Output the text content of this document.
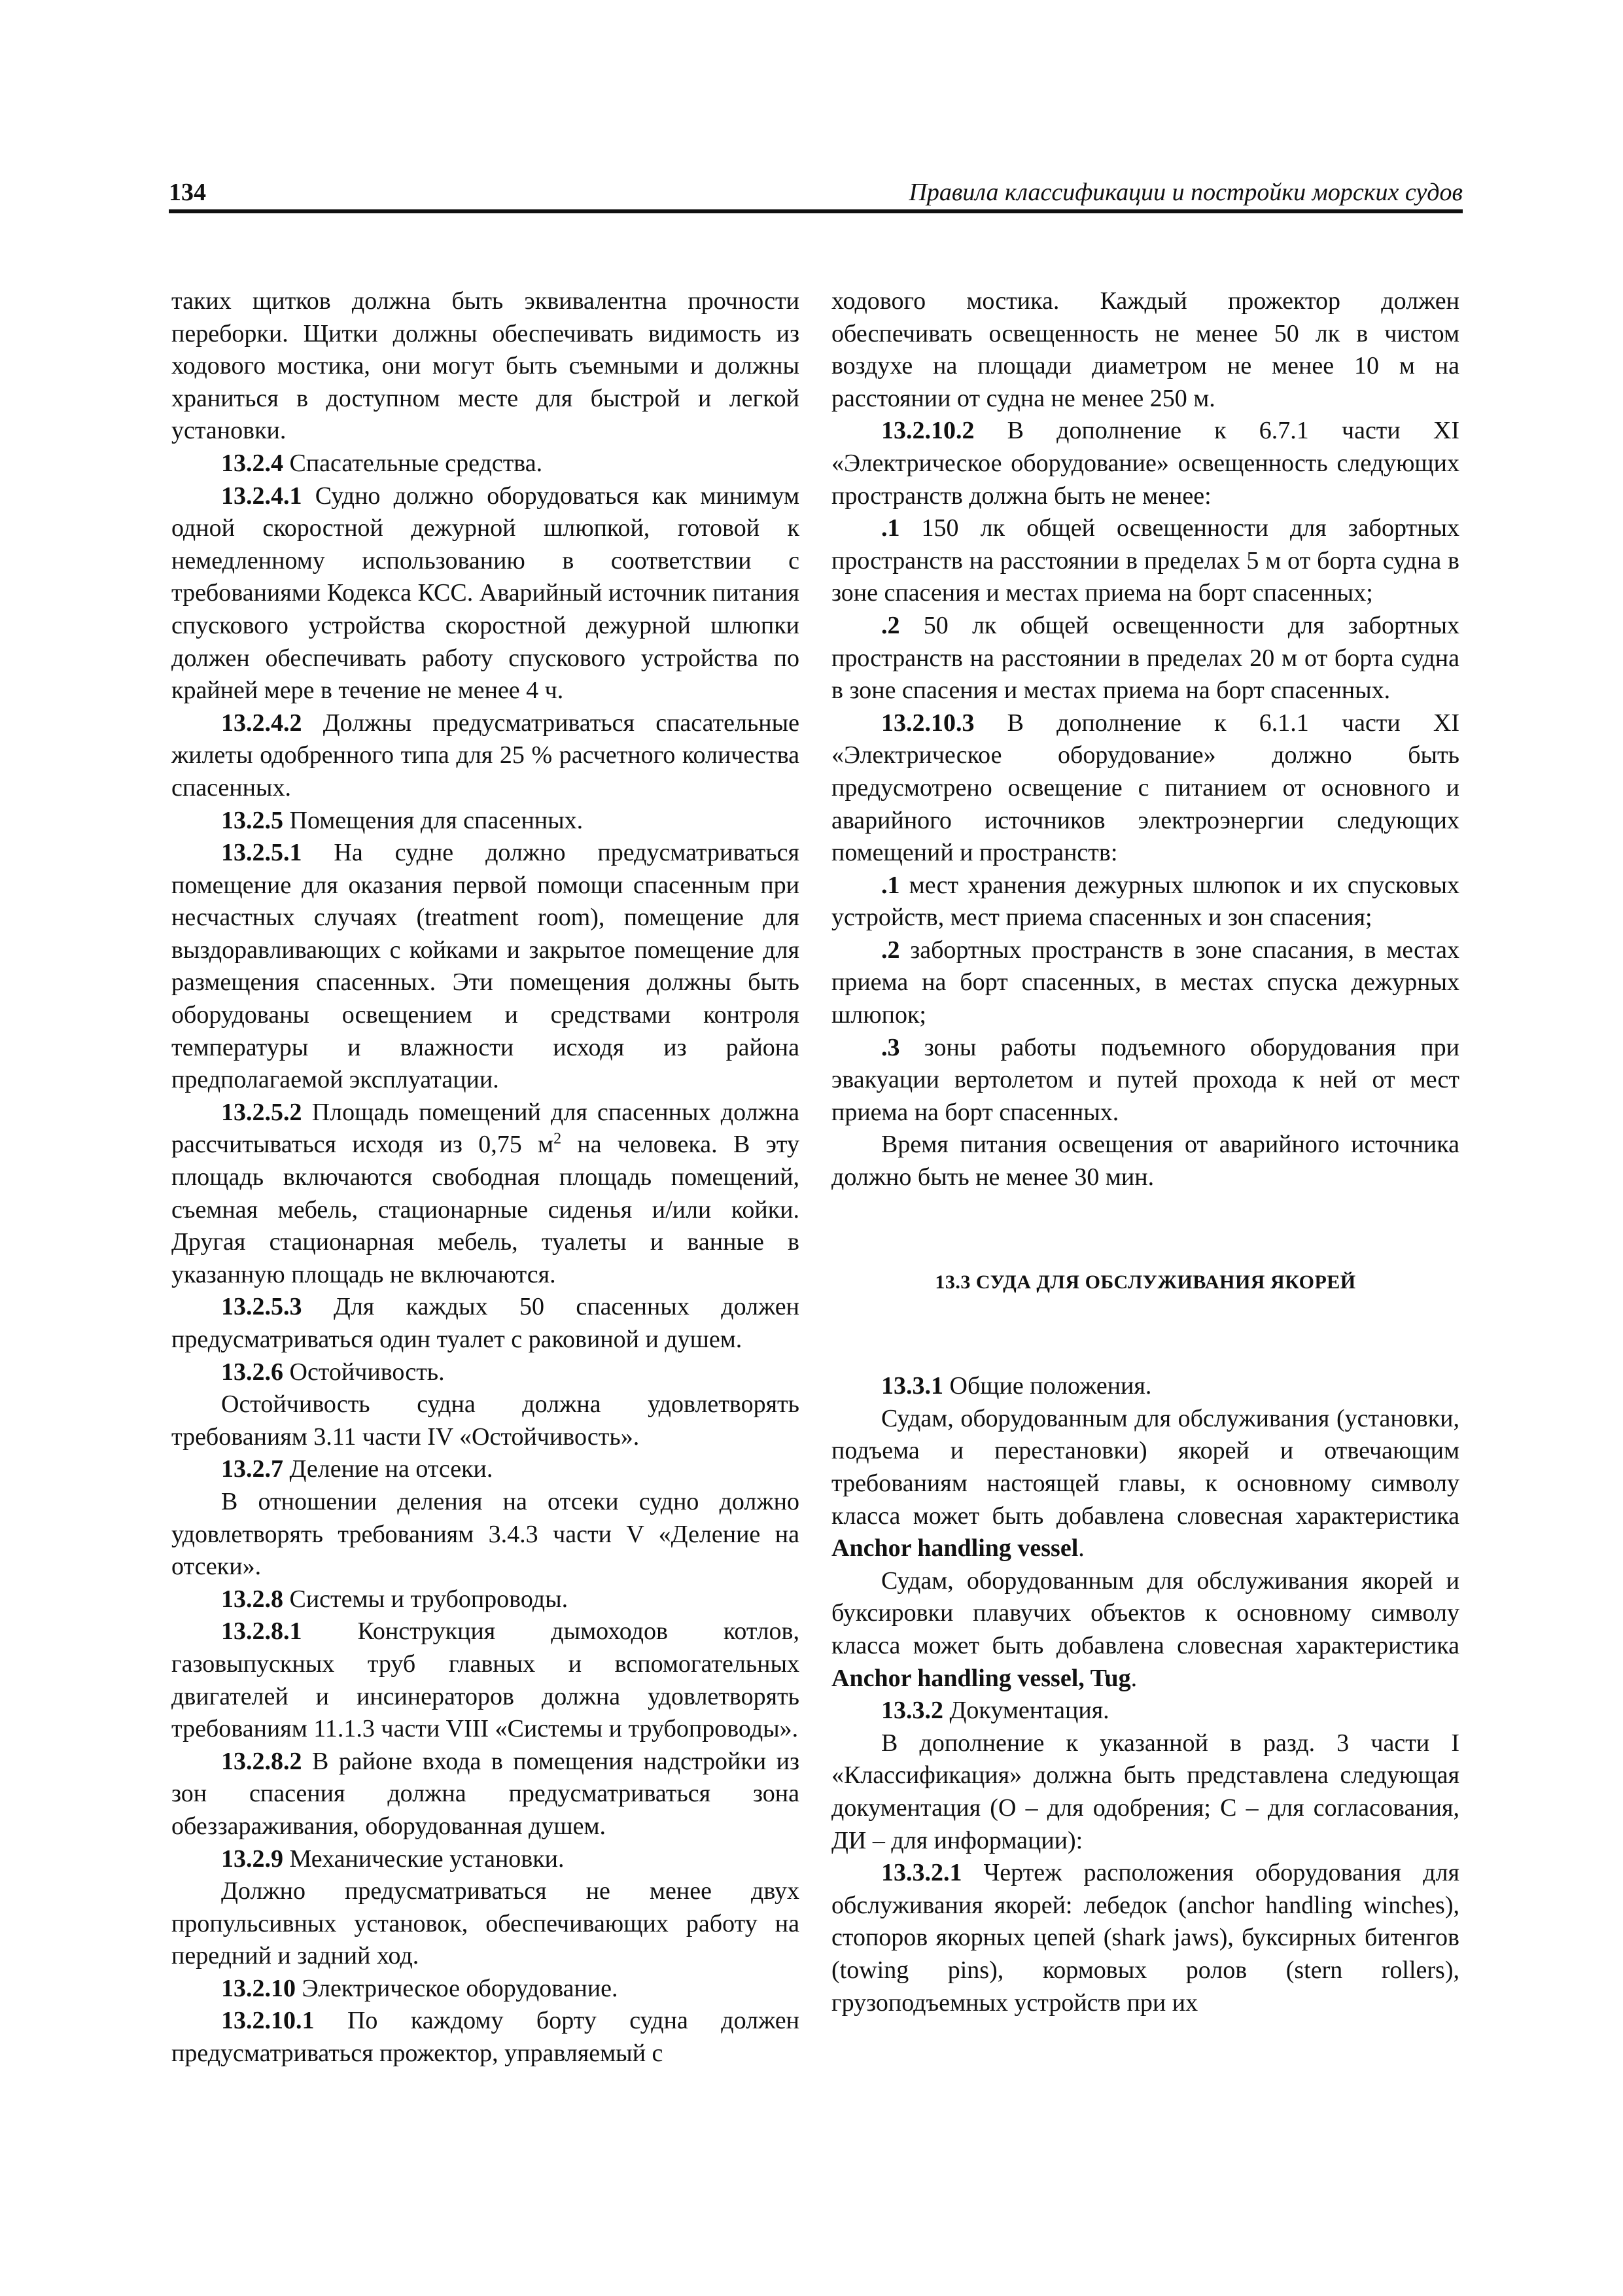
134	Правила классификации и постройки морских судов

таких щитков должна быть эквивалентна прочности переборки. Щитки должны обеспечивать видимость из ходового мостика, они могут быть съемными и должны храниться в доступном месте для быстрой и легкой установки.

13.2.4 Спасательные средства.

13.2.4.1 Судно должно оборудоваться как минимум одной скоростной дежурной шлюпкой, готовой к немедленному использованию в соответствии с требованиями Кодекса КСС. Аварийный источник питания спускового устройства скоростной дежурной шлюпки должен обеспечивать работу спускового устройства по крайней мере в течение не менее 4 ч.

13.2.4.2 Должны предусматриваться спасательные жилеты одобренного типа для 25 % расчетного количества спасенных.

13.2.5 Помещения для спасенных.

13.2.5.1 На судне должно предусматриваться помещение для оказания первой помощи спасенным при несчастных случаях (treatment room), помещение для выздоравливающих с койками и закрытое помещение для размещения спасенных. Эти помещения должны быть оборудованы освещением и средствами контроля температуры и влажности исходя из района предполагаемой эксплуатации.

13.2.5.2 Площадь помещений для спасенных должна рассчитываться исходя из 0,75 $м^2$ на человека. В эту площадь включаются свободная площадь помещений, съемная мебель, стационарные сиденья и/или койки. Другая стационарная мебель, туалеты и ванные в указанную площадь не включаются.

13.2.5.3 Для каждых 50 спасенных должен предусматриваться один туалет с раковиной и душем.

13.2.6 Остойчивость.

Остойчивость судна должна удовлетворять требованиям 3.11 части IV «Остойчивость».

13.2.7 Деление на отсеки.

В отношении деления на отсеки судно должно удовлетворять требованиям 3.4.3 части V «Деление на отсеки».

13.2.8 Системы и трубопроводы.

13.2.8.1 Конструкция дымоходов котлов, газовыпускных труб главных и вспомогательных двигателей и инсинераторов должна удовлетворять требованиям 11.1.3 части VIII «Системы и трубопроводы».

13.2.8.2 В районе входа в помещения надстройки из зон спасения должна предусматриваться зона обеззараживания, оборудованная душем.

13.2.9 Механические установки.

Должно предусматриваться не менее двух пропульсивных установок, обеспечивающих работу на передний и задний ход.

13.2.10 Электрическое оборудование.

13.2.10.1 По каждому борту судна должен предусматриваться прожектор, управляемый с

ходового мостика. Каждый прожектор должен обеспечивать освещенность не менее 50 лк в чистом воздухе на площади диаметром не менее 10 м на расстоянии от судна не менее 250 м.

13.2.10.2 В дополнение к 6.7.1 части XI «Электрическое оборудование» освещенность следующих пространств должна быть не менее:

.1 150 лк общей освещенности для забортных пространств на расстоянии в пределах 5 м от борта судна в зоне спасения и местах приема на борт спасенных;

.2 50 лк общей освещенности для забортных пространств на расстоянии в пределах 20 м от борта судна в зоне спасения и местах приема на борт спасенных.

13.2.10.3 В дополнение к 6.1.1 части XI «Электрическое оборудование» должно быть предусмотрено освещение с питанием от основного и аварийного источников электроэнергии следующих помещений и пространств:

.1 мест хранения дежурных шлюпок и их спусковых устройств, мест приема спасенных и зон спасения;

.2 забортных пространств в зоне спасания, в местах приема на борт спасенных, в местах спуска дежурных шлюпок;

.3 зоны работы подъемного оборудования при эвакуации вертолетом и путей прохода к ней от мест приема на борт спасенных.

Время питания освещения от аварийного источника должно быть не менее 30 мин.

13.3 СУДА ДЛЯ ОБСЛУЖИВАНИЯ ЯКОРЕЙ

13.3.1 Общие положения.

Судам, оборудованным для обслуживания (установки, подъема и перестановки) якорей и отвечающим требованиям настоящей главы, к основному символу класса может быть добавлена словесная характеристика Anchor handling vessel.

Судам, оборудованным для обслуживания якорей и буксировки плавучих объектов к основному символу класса может быть добавлена словесная характеристика Anchor handling vessel, Tug.

13.3.2 Документация.

В дополнение к указанной в разд. 3 части I «Классификация» должна быть представлена следующая документация (О – для одобрения; С – для согласования, ДИ – для информации):

13.3.2.1 Чертеж расположения оборудования для обслуживания якорей: лебедок (anchor handling winches), стопоров якорных цепей (shark jaws), буксирных битенгов (towing pins), кормовых ролов (stern rollers), грузоподъемных устройств при их
